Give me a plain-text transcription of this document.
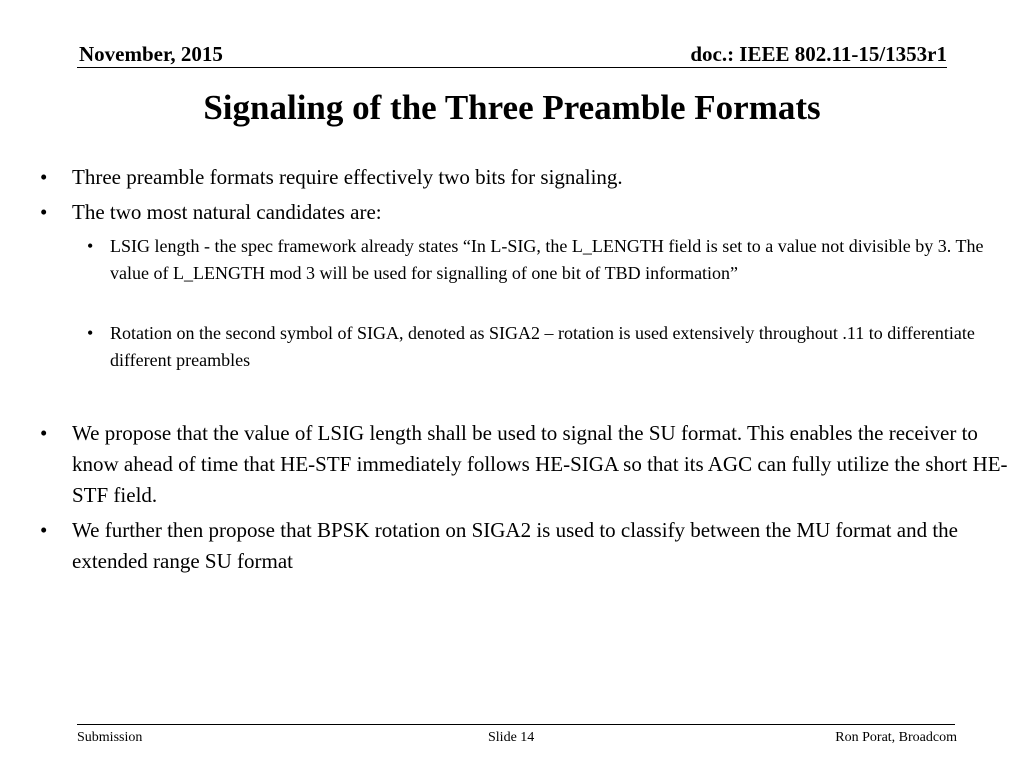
November, 2015	doc.: IEEE 802.11-15/1353r1
Signaling of the Three Preamble Formats
• Three preamble formats require effectively two bits for signaling.
• The two most natural candidates are:
• LSIG length - the spec framework already states “In L-SIG, the L_LENGTH field is set to a value not divisible by 3. The value of L_LENGTH mod 3 will be used for signalling of one bit of TBD information”
• Rotation on the second symbol of SIGA, denoted as SIGA2 – rotation is used extensively throughout .11 to differentiate different preambles
• We propose that the value of LSIG length shall be used to signal the SU format. This enables the receiver to know ahead of time that HE-STF immediately follows HE-SIGA so that its AGC can fully utilize the short HE-STF field.
• We further then propose that BPSK rotation on SIGA2 is used to classify between the MU format and the extended range SU format
Submission	Slide 14	Ron Porat, Broadcom
